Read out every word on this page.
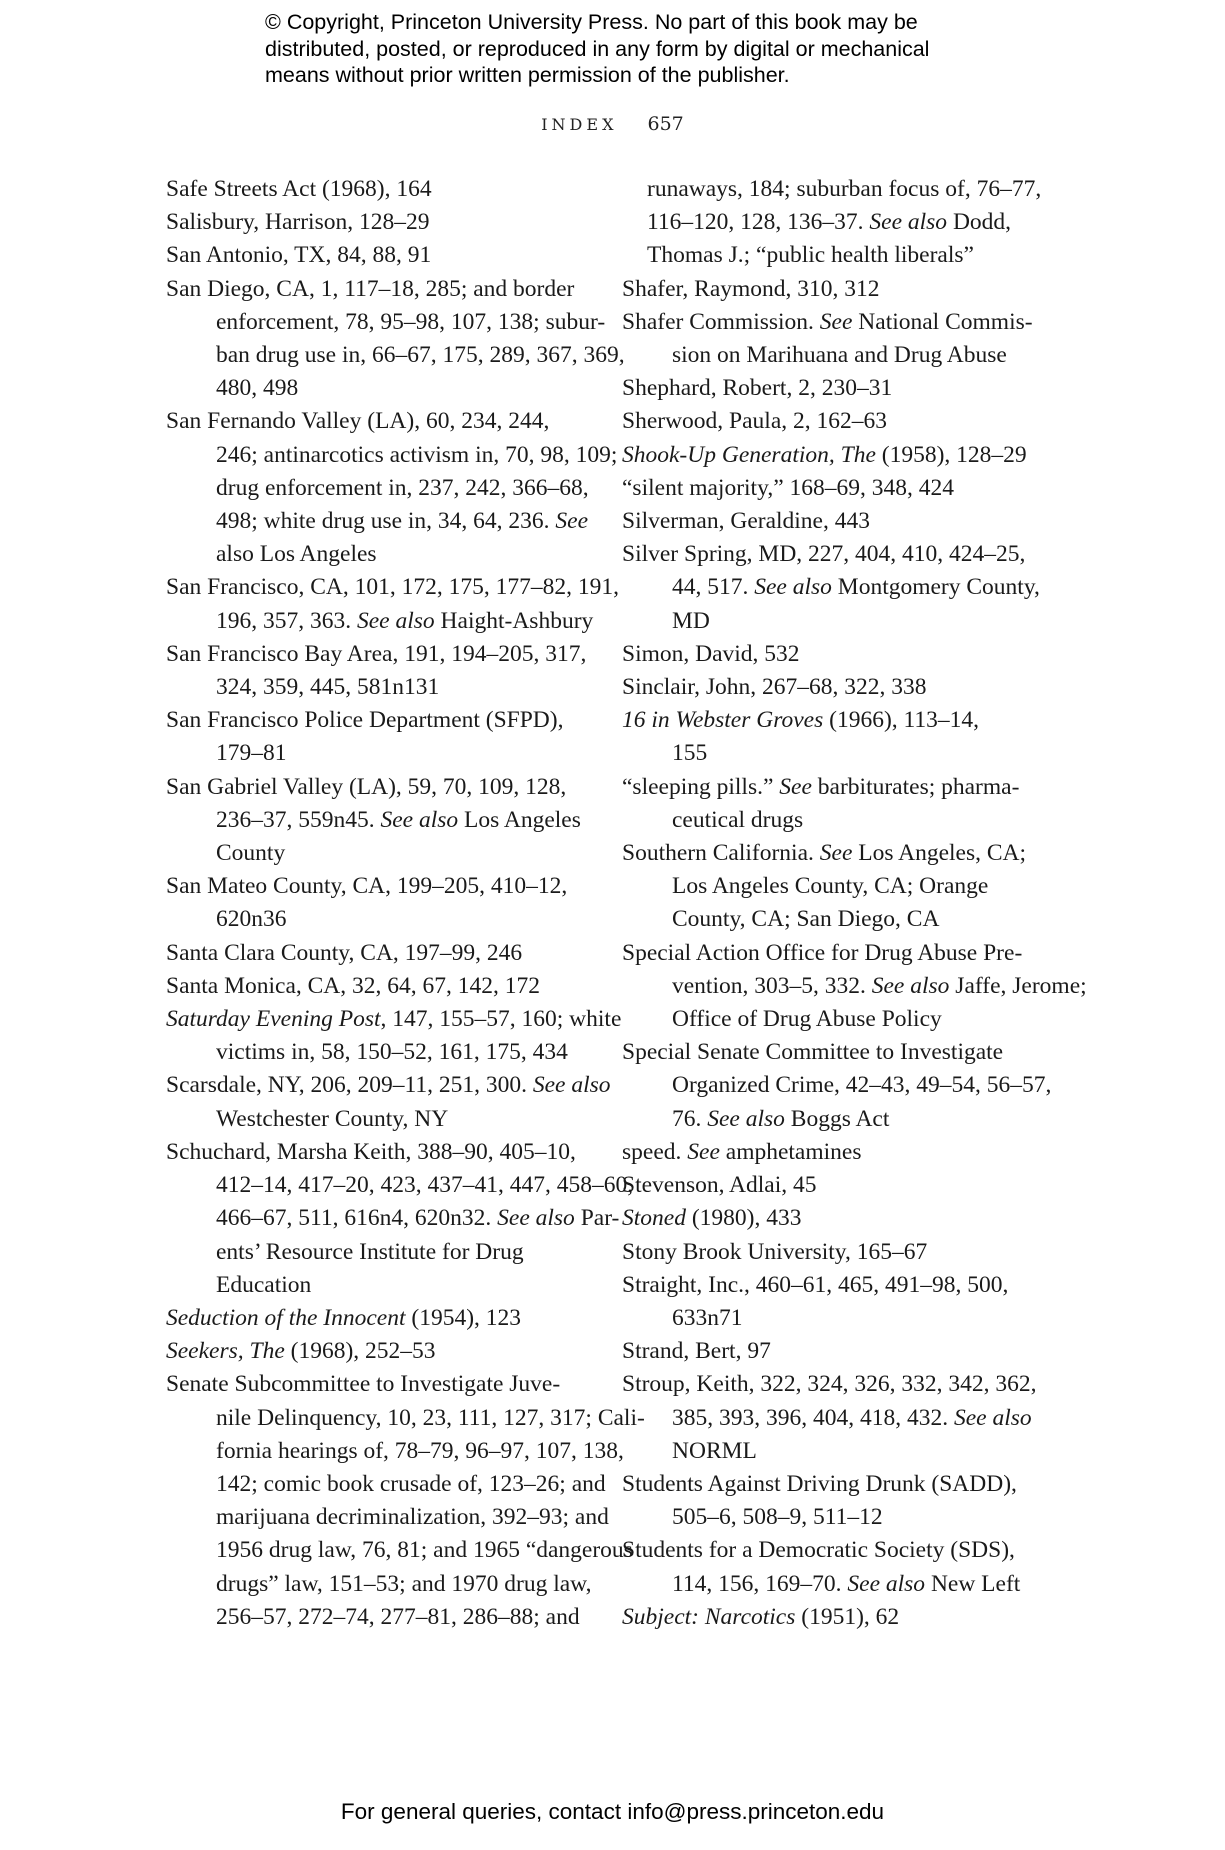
© Copyright, Princeton University Press. No part of this book may be
distributed, posted, or reproduced in any form by digital or mechanical
means without prior written permission of the publisher.
INDEX 657

Safe Streets Act (1968), 164

Salisbury, Harrison, 128–29

San Antonio, TX, 84, 88, 91

San Diego, CA, 1, 117–18, 285; and border
enforcement, 78, 95–98, 107, 138; subur-
ban drug use in, 66–67, 175, 289, 367, 369,
480, 498

San Fernando Valley (LA), 60, 234, 244,
246; antinarcotics activism in, 70, 98, 109;
drug enforcement in, 237, 242, 366–68,
498; white drug use in, 34, 64, 236. See
also Los Angeles

San Francisco, CA, 101, 172, 175, 177–82, 191,
196, 357, 363. See also Haight-Ashbury

San Francisco Bay Area, 191, 194–205, 317,
324, 359, 445, 581n131

San Francisco Police Department (SFPD),
179–81

San Gabriel Valley (LA), 59, 70, 109, 128,
236–37, 559n45. See also Los Angeles
County

San Mateo County, CA, 199–205, 410–12,
620n36

Santa Clara County, CA, 197–99, 246

Santa Monica, CA, 32, 64, 67, 142, 172

Saturday Evening Post, 147, 155–57, 160; white
victims in, 58, 150–52, 161, 175, 434

Scarsdale, NY, 206, 209–11, 251, 300. See also
Westchester County, NY

Schuchard, Marsha Keith, 388–90, 405–10,
412–14, 417–20, 423, 437–41, 447, 458–60,
466–67, 511, 616n4, 620n32. See also Par-
ents’ Resource Institute for Drug
Education

Seduction of the Innocent (1954), 123

Seekers, The (1968), 252–53

Senate Subcommittee to Investigate Juve-
nile Delinquency, 10, 23, 111, 127, 317; Cali-
fornia hearings of, 78–79, 96–97, 107, 138,
142; comic book crusade of, 123–26; and
marijuana decriminalization, 392–93; and
1956 drug law, 76, 81; and 1965 “dangerous
drugs” law, 151–53; and 1970 drug law,
256–57, 272–74, 277–81, 286–88; and

runaways, 184; suburban focus of, 76–77,
116–120, 128, 136–37. See also Dodd,
Thomas J.; “public health liberals”

Shafer, Raymond, 310, 312

Shafer Commission. See National Commis-
sion on Marihuana and Drug Abuse

Shephard, Robert, 2, 230–31

Sherwood, Paula, 2, 162–63

Shook-Up Generation, The (1958), 128–29

“silent majority,” 168–69, 348, 424

Silverman, Geraldine, 443

Silver Spring, MD, 227, 404, 410, 424–25,
44, 517. See also Montgomery County,
MD

Simon, David, 532

Sinclair, John, 267–68, 322, 338

16 in Webster Groves (1966), 113–14,
155

“sleeping pills.” See barbiturates; pharma-
ceutical drugs

Southern California. See Los Angeles, CA;
Los Angeles County, CA; Orange
County, CA; San Diego, CA

Special Action Office for Drug Abuse Pre-
vention, 303–5, 332. See also Jaffe, Jerome;
Office of Drug Abuse Policy

Special Senate Committee to Investigate
Organized Crime, 42–43, 49–54, 56–57,
76. See also Boggs Act

speed. See amphetamines

Stevenson, Adlai, 45

Stoned (1980), 433

Stony Brook University, 165–67

Straight, Inc., 460–61, 465, 491–98, 500,
633n71

Strand, Bert, 97

Stroup, Keith, 322, 324, 326, 332, 342, 362,
385, 393, 396, 404, 418, 432. See also
NORML

Students Against Driving Drunk (SADD),
505–6, 508–9, 511–12

Students for a Democratic Society (SDS),
114, 156, 169–70. See also New Left

Subject: Narcotics (1951), 62

For general queries, contact info@press.princeton.edu
